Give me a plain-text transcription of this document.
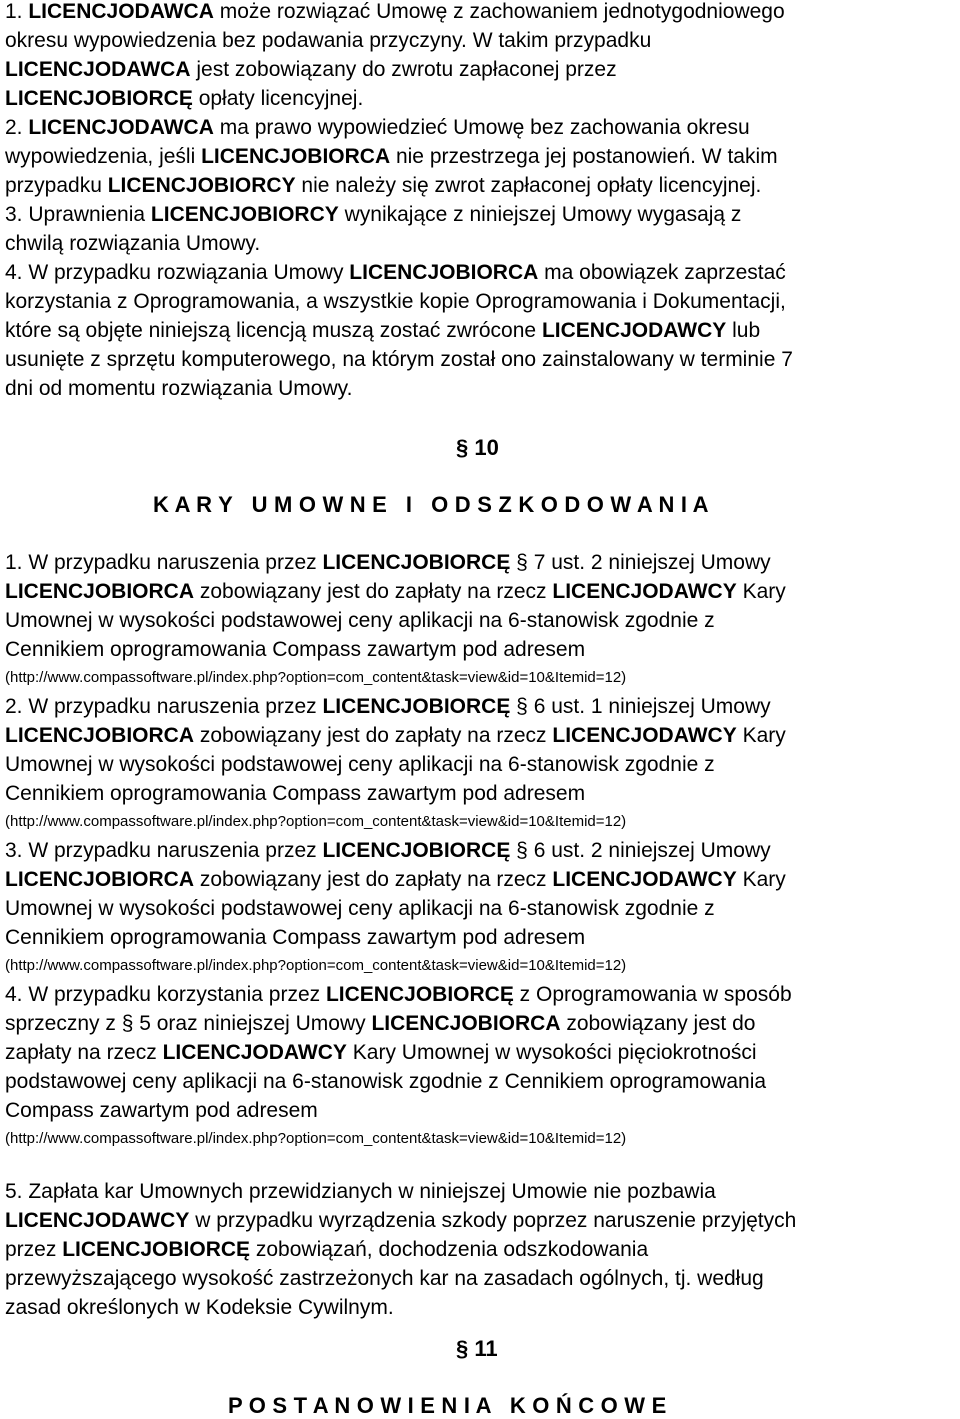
1. LICENCJODAWCA może rozwiązać Umowę z zachowaniem jednotygodniowego
okresu wypowiedzenia bez podawania przyczyny. W takim przypadku
LICENCJODAWCA jest zobowiązany do zwrotu zapłaconej przez
LICENCJOBIORCĘ opłaty licencyjnej.
2. LICENCJODAWCA ma prawo wypowiedzieć Umowę bez zachowania okresu
wypowiedzenia, jeśli LICENCJOBIORCA nie przestrzega jej postanowień. W takim
przypadku LICENCJOBIORCY nie należy się zwrot zapłaconej opłaty licencyjnej.
3. Uprawnienia LICENCJOBIORCY wynikające z niniejszej Umowy wygasają z
chwilą rozwiązania Umowy.
4. W przypadku rozwiązania Umowy LICENCJOBIORCA ma obowiązek zaprzestać
korzystania z Oprogramowania, a wszystkie kopie Oprogramowania i Dokumentacji,
które są objęte niniejszą licencją muszą zostać zwrócone LICENCJODAWCY lub
usunięte z sprzętu komputerowego, na którym został ono zainstalowany w terminie 7
dni od momentu rozwiązania Umowy.
§ 10
K A R Y   U M O W N E   I   O D S Z K O D O W A N I A
1. W przypadku naruszenia przez LICENCJOBIORCĘ § 7 ust. 2 niniejszej Umowy
LICENCJOBIORCA zobowiązany jest do zapłaty na rzecz LICENCJODAWCY Kary
Umownej w wysokości podstawowej ceny aplikacji na 6-stanowisk zgodnie z
Cennikiem oprogramowania Compass zawartym pod adresem
(http://www.compassoftware.pl/index.php?option=com_content&task=view&id=10&Itemid=12)
2. W przypadku naruszenia przez LICENCJOBIORCĘ § 6 ust. 1 niniejszej Umowy
LICENCJOBIORCA zobowiązany jest do zapłaty na rzecz LICENCJODAWCY Kary
Umownej w wysokości podstawowej ceny aplikacji na 6-stanowisk zgodnie z
Cennikiem oprogramowania Compass zawartym pod adresem
(http://www.compassoftware.pl/index.php?option=com_content&task=view&id=10&Itemid=12)
3. W przypadku naruszenia przez LICENCJOBIORCĘ § 6 ust. 2 niniejszej Umowy
LICENCJOBIORCA zobowiązany jest do zapłaty na rzecz LICENCJODAWCY Kary
Umownej w wysokości podstawowej ceny aplikacji na 6-stanowisk zgodnie z
Cennikiem oprogramowania Compass zawartym pod adresem
(http://www.compassoftware.pl/index.php?option=com_content&task=view&id=10&Itemid=12)
4. W przypadku korzystania przez LICENCJOBIORCĘ z Oprogramowania w sposób
sprzeczny z § 5 oraz niniejszej Umowy LICENCJOBIORCA zobowiązany jest do
zapłaty na rzecz LICENCJODAWCY Kary Umownej w wysokości pięciokrotności
podstawowej ceny aplikacji na 6-stanowisk zgodnie z Cennikiem oprogramowania
Compass zawartym pod adresem
(http://www.compassoftware.pl/index.php?option=com_content&task=view&id=10&Itemid=12)
5. Zapłata kar Umownych przewidzianych w niniejszej Umowie nie pozbawia
LICENCJODAWCY w przypadku wyrządzenia szkody poprzez naruszenie przyjętych
przez LICENCJOBIORCĘ zobowiązań, dochodzenia odszkodowania
przewyższającego wysokość zastrzeżonych kar na zasadach ogólnych, tj. według
zasad określonych w Kodeksie Cywilnym.
§ 11
P O S T A N O W I E N I A   K O Ń C O W E
